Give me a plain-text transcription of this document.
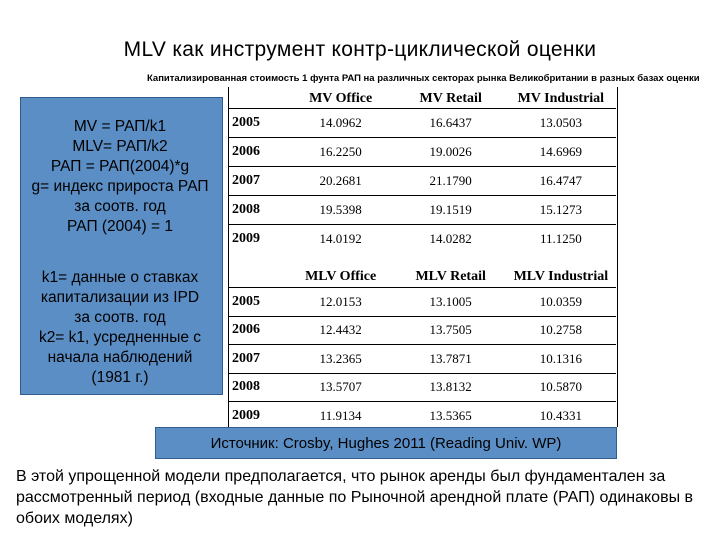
MLV как инструмент контр-циклической оценки
Капитализированная стоимость 1 фунта РАП на различных секторах рынка Великобритании в разных базах оценки
	MV Office	MV Retail	MV Industrial
2005	14.0962	16.6437	13.0503
2006	16.2250	19.0026	14.6969
2007	20.2681	21.1790	16.4747
2008	19.5398	19.1519	15.1273
2009	14.0192	14.0282	11.1250
	MLV Office	MLV Retail	MLV Industrial
2005	12.0153	13.1005	10.0359
2006	12.4432	13.7505	10.2758
2007	13.2365	13.7871	10.1316
2008	13.5707	13.8132	10.5870
2009	11.9134	13.5365	10.4331
MV = РАП/k1
MLV= РАП/k2
РАП = РАП(2004)*g
g= индекс прироста РАП
за соотв. год
РАП (2004) = 1
k1= данные о ставках
капитализации из IPD
за соотв. год
k2= k1, усредненные с
начала наблюдений
(1981 г.)
Источник: Crosby, Hughes 2011 (Reading Univ. WP)
В этой упрощенной модели предполагается, что рынок аренды был фундаментален за рассмотренный период (входные данные по Рыночной арендной плате (РАП) одинаковы в обоих моделях)
